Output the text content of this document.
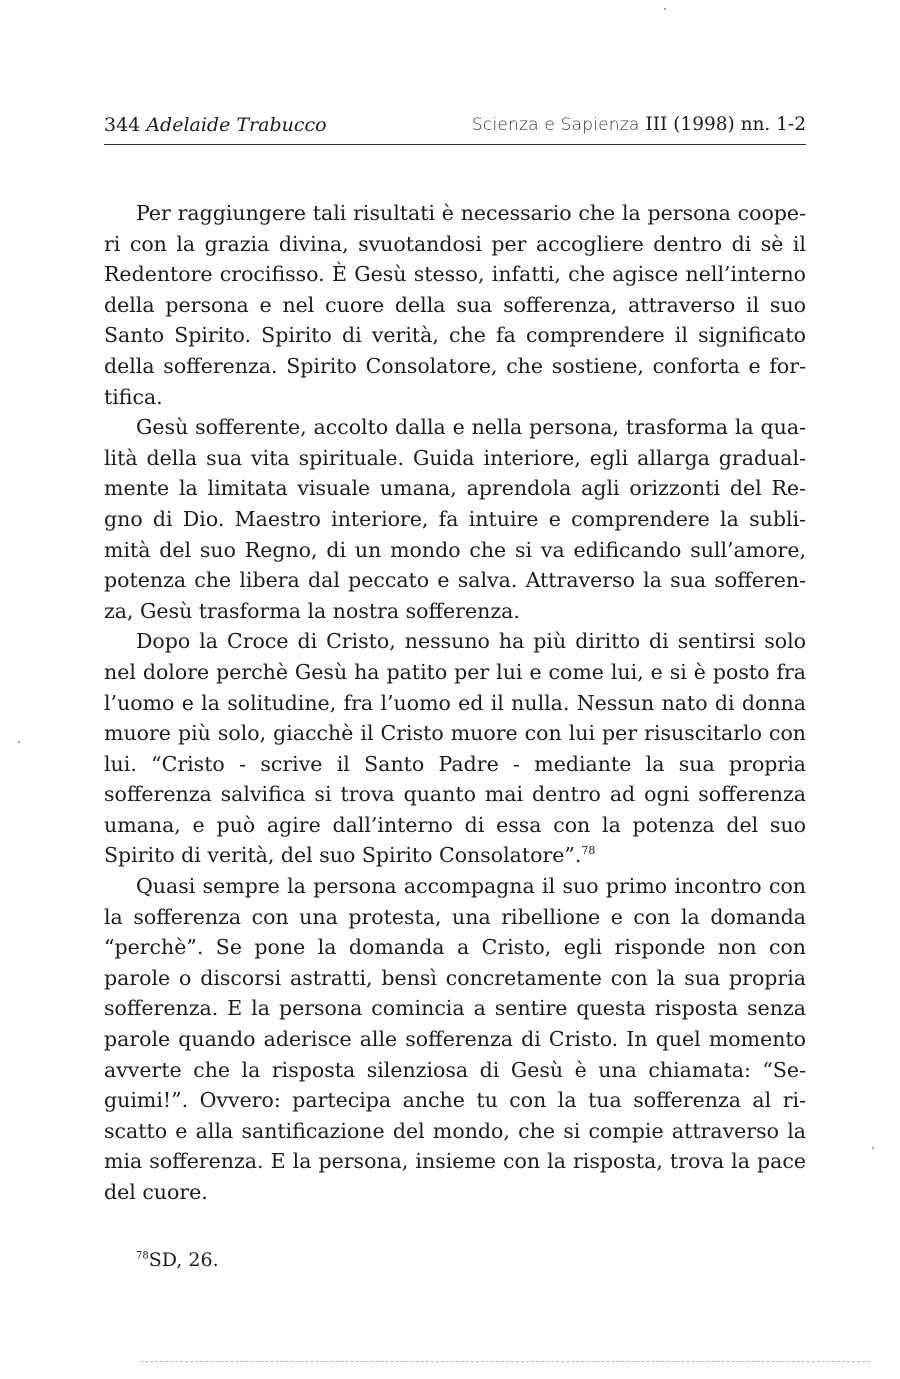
344 Adelaide Trabucco	Scienza e Sapienza III (1998) nn. 1-2

Per raggiungere tali risultati è necessario che la persona cooperi con la grazia divina, svuotandosi per accogliere dentro di sè il Redentore crocifisso. È Gesù stesso, infatti, che agisce nell’interno della persona e nel cuore della sua sofferenza, attraverso il suo Santo Spirito. Spirito di verità, che fa comprendere il significato della sofferenza. Spirito Consolatore, che sostiene, conforta e fortifica.

Gesù sofferente, accolto dalla e nella persona, trasforma la qualità della sua vita spirituale. Guida interiore, egli allarga gradualmente la limitata visuale umana, aprendola agli orizzonti del Regno di Dio. Maestro interiore, fa intuire e comprendere la sublimità del suo Regno, di un mondo che si va edificando sull’amore, potenza che libera dal peccato e salva. Attraverso la sua sofferenza, Gesù trasforma la nostra sofferenza.

Dopo la Croce di Cristo, nessuno ha più diritto di sentirsi solo nel dolore perchè Gesù ha patito per lui e come lui, e si è posto fra l’uomo e la solitudine, fra l’uomo ed il nulla. Nessun nato di donna muore più solo, giacchè il Cristo muore con lui per risuscitarlo con lui. “Cristo - scrive il Santo Padre - mediante la sua propria sofferenza salvifica si trova quanto mai dentro ad ogni sofferenza umana, e può agire dall’interno di essa con la potenza del suo Spirito di verità, del suo Spirito Consolatore”.$^{78}$

Quasi sempre la persona accompagna il suo primo incontro con la sofferenza con una protesta, una ribellione e con la domanda “perchè”. Se pone la domanda a Cristo, egli risponde non con parole o discorsi astratti, bensì concretamente con la sua propria sofferenza. E la persona comincia a sentire questa risposta senza parole quando aderisce alle sofferenza di Cristo. In quel momento avverte che la risposta silenziosa di Gesù è una chiamata: “Seguimi!”. Ovvero: partecipa anche tu con la tua sofferenza al riscatto e alla santificazione del mondo, che si compie attraverso la mia sofferenza. E la persona, insieme con la risposta, trova la pace del cuore.

$^{78}$SD, 26.
